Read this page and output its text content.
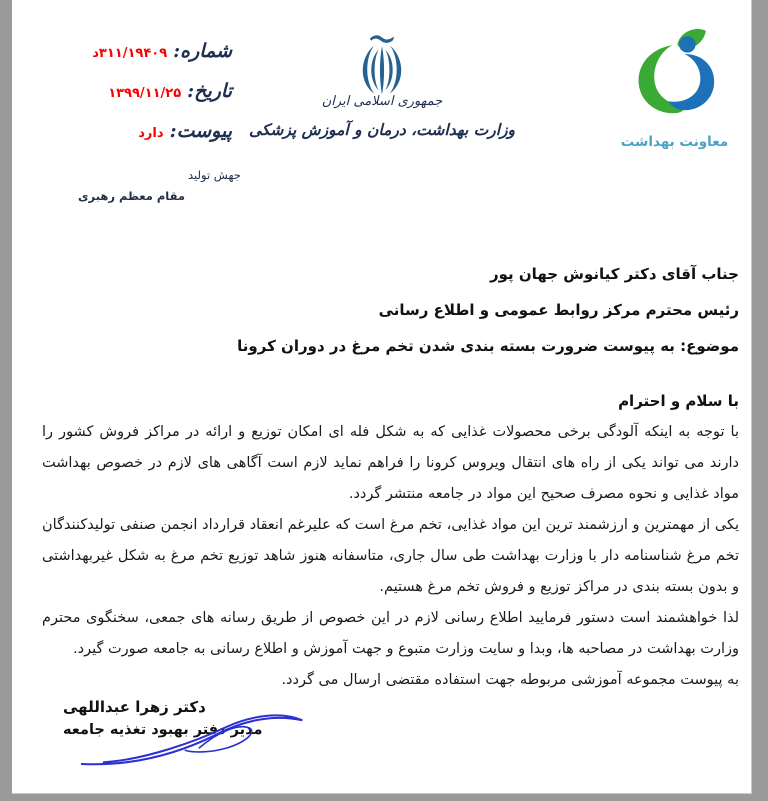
شماره:
۳۱۱/۱۹۴۰۹د
تاریخ:
۱۳۹۹/۱۱/۲۵
پیوست:
دارد
جهش تولید
مقام معظم رهبری
جمهوری اسلامی ایران
وزارت بهداشت، درمان و آموزش پزشکی
معاونت بهداشت
جناب آقای دکتر کیانوش جهان پور
رئیس محترم مرکز روابط عمومی و اطلاع رسانی
موضوع: به پیوست ضرورت بسته بندی شدن تخم مرغ در دوران کرونا
با سلام و احترام

با توجه به اینکه آلودگی برخی محصولات غذایی که به شکل فله ای امکان توزیع و ارائه در مراکز فروش کشور را دارند می تواند یکی از راه های انتقال ویروس کرونا را فراهم نماید لازم است آگاهی های لازم در خصوص بهداشت مواد غذایی و نحوه مصرف صحیح این مواد در جامعه منتشر گردد.

یکی از مهمترین و ارزشمند ترین این مواد غذایی، تخم مرغ است که علیرغم انعقاد قرارداد انجمن صنفی تولیدکنندگان تخم مرغ شناسنامه دار با وزارت بهداشت طی سال جاری، متاسفانه هنوز شاهد توزیع تخم مرغ به شکل غیربهداشتی و بدون بسته بندی در مراکز توزیع و فروش تخم مرغ هستیم.

لذا خواهشمند است دستور فرمایید اطلاع رسانی لازم در این خصوص از طریق رسانه های جمعی، سخنگوی محترم وزارت بهداشت در مصاحبه ها، وبدا و سایت وزارت متبوع و جهت آموزش و اطلاع رسانی به جامعه صورت گیرد.

به پیوست مجموعه آموزشی مربوطه جهت استفاده مقتضی ارسال می گردد.

دکتر زهرا عبداللهی
مدیر دفتر بهبود تغذیه جامعه
